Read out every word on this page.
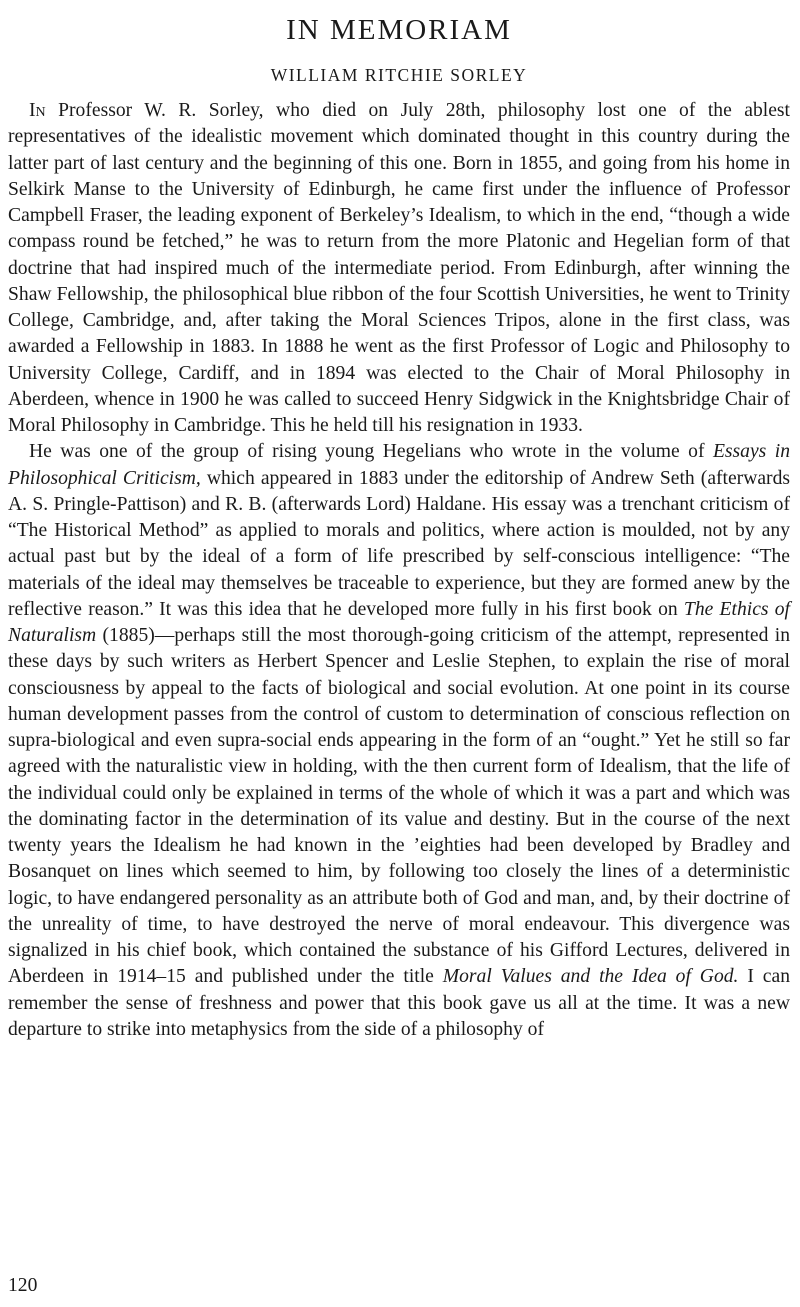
IN MEMORIAM
WILLIAM RITCHIE SORLEY

In Professor W. R. Sorley, who died on July 28th, philosophy lost one of the ablest representatives of the idealistic movement which dominated thought in this country during the latter part of last century and the beginning of this one. Born in 1855, and going from his home in Selkirk Manse to the University of Edinburgh, he came first under the influence of Professor Campbell Fraser, the leading exponent of Berkeley’s Idealism, to which in the end, “though a wide compass round be fetched,” he was to return from the more Platonic and Hegelian form of that doctrine that had inspired much of the intermediate period. From Edinburgh, after winning the Shaw Fellowship, the philosophical blue ribbon of the four Scottish Universities, he went to Trinity College, Cambridge, and, after taking the Moral Sciences Tripos, alone in the first class, was awarded a Fellowship in 1883. In 1888 he went as the first Professor of Logic and Philosophy to University College, Cardiff, and in 1894 was elected to the Chair of Moral Philosophy in Aberdeen, whence in 1900 he was called to succeed Henry Sidgwick in the Knightsbridge Chair of Moral Philosophy in Cambridge. This he held till his resignation in 1933.

He was one of the group of rising young Hegelians who wrote in the volume of Essays in Philosophical Criticism, which appeared in 1883 under the editorship of Andrew Seth (afterwards A. S. Pringle-Pattison) and R. B. (afterwards Lord) Haldane. His essay was a trenchant criticism of “The Historical Method” as applied to morals and politics, where action is moulded, not by any actual past but by the ideal of a form of life prescribed by self-conscious intelligence: “The materials of the ideal may themselves be traceable to experience, but they are formed anew by the reflective reason.” It was this idea that he developed more fully in his first book on The Ethics of Naturalism (1885)—perhaps still the most thorough-going criticism of the attempt, represented in these days by such writers as Herbert Spencer and Leslie Stephen, to explain the rise of moral consciousness by appeal to the facts of biological and social evolution. At one point in its course human development passes from the control of custom to determination of conscious reflection on supra-biological and even supra-social ends appearing in the form of an “ought.” Yet he still so far agreed with the naturalistic view in holding, with the then current form of Idealism, that the life of the individual could only be explained in terms of the whole of which it was a part and which was the dominating factor in the determination of its value and destiny. But in the course of the next twenty years the Idealism he had known in the ’eighties had been developed by Bradley and Bosanquet on lines which seemed to him, by following too closely the lines of a deterministic logic, to have endangered personality as an attribute both of God and man, and, by their doctrine of the unreality of time, to have destroyed the nerve of moral endeavour. This divergence was signalized in his chief book, which contained the substance of his Gifford Lectures, delivered in Aberdeen in 1914–15 and published under the title Moral Values and the Idea of God. I can remember the sense of freshness and power that this book gave us all at the time. It was a new departure to strike into metaphysics from the side of a philosophy of

120
